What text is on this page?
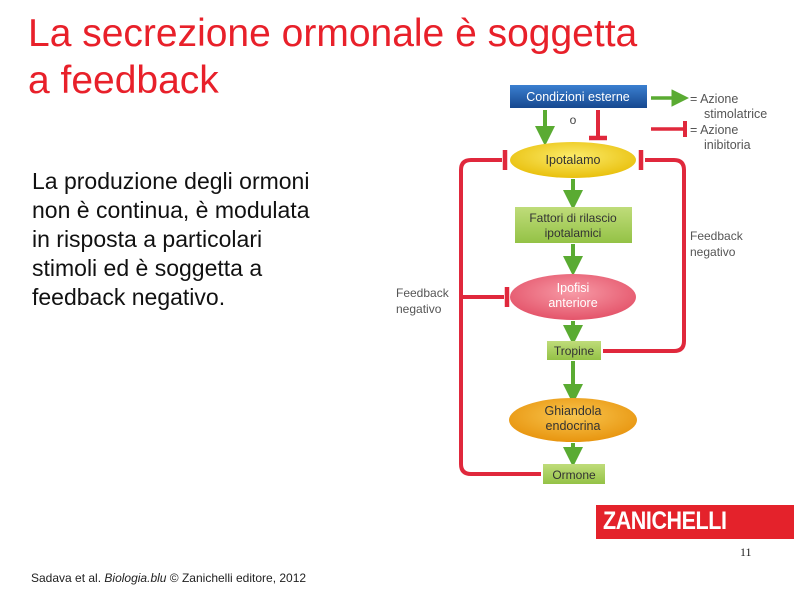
La secrezione ormonale è soggetta
a feedback
La produzione degli ormoni
non è continua, è modulata
in risposta a particolari
stimoli ed è soggetta a
feedback negativo.
Condizioni esterne	= Azione
stimolatrice
= Azione
inibitoria
o
Ipotalamo
Fattori di rilascio
ipotalamici
Ipofisi
anteriore
Tropine
Ghiandola
endocrina
Ormone
Feedback
negativo
Feedback
negativo
ZANICHELLI
11
Sadava et al. Biologia.blu © Zanichelli editore, 2012
